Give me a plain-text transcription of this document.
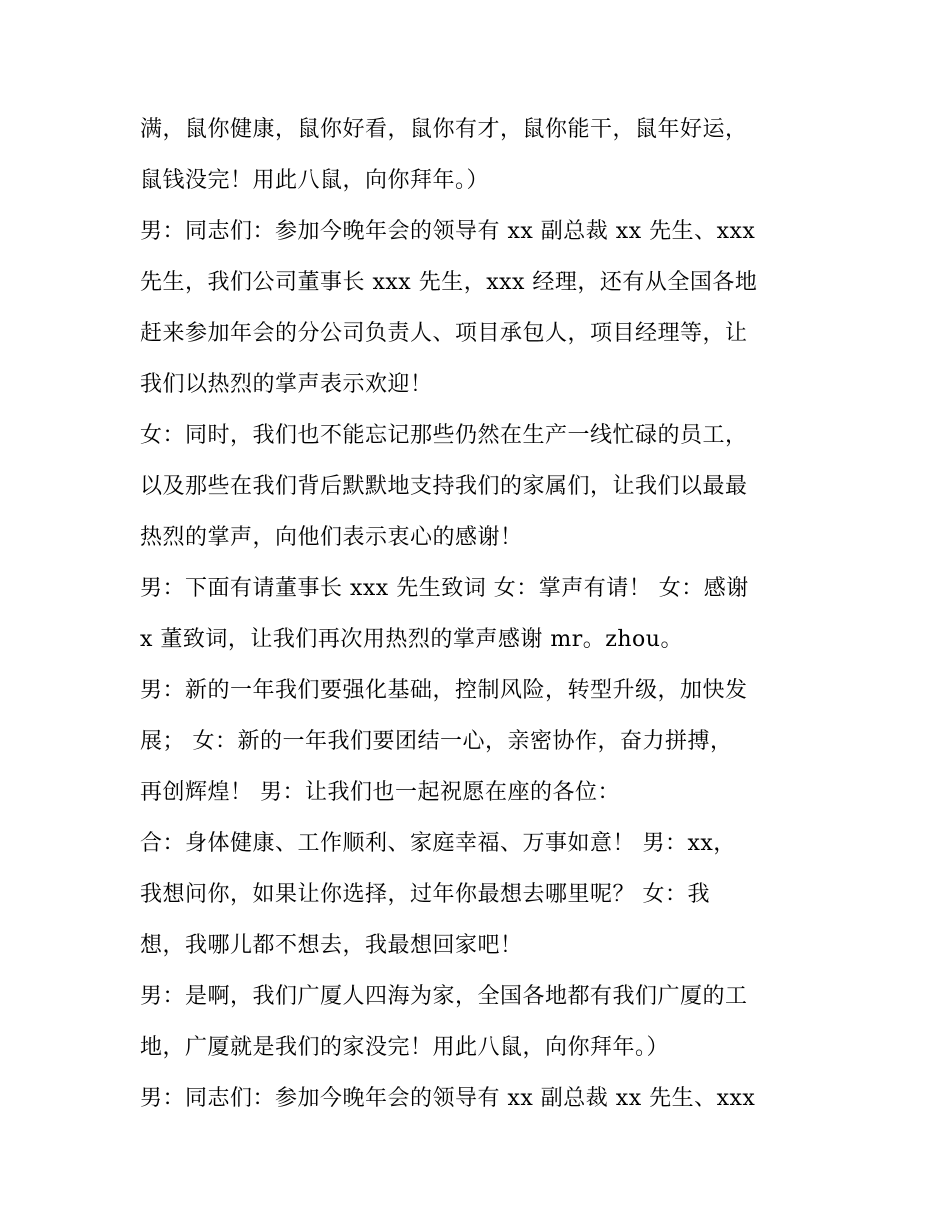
满，鼠你健康，鼠你好看，鼠你有才，鼠你能干，鼠年好运，

鼠钱没完！用此八鼠，向你拜年。）

男：同志们：参加今晚年会的领导有 xx 副总裁 xx 先生、xxx

先生，我们公司董事长 xxx 先生，xxx 经理，还有从全国各地

赶来参加年会的分公司负责人、项目承包人，项目经理等，让

我们以热烈的掌声表示欢迎！

女：同时，我们也不能忘记那些仍然在生产一线忙碌的员工，

以及那些在我们背后默默地支持我们的家属们，让我们以最最

热烈的掌声，向他们表示衷心的感谢！

男：下面有请董事长 xxx 先生致词 女：掌声有请！ 女：感谢

x 董致词，让我们再次用热烈的掌声感谢 mr。zhou。

男：新的一年我们要强化基础，控制风险，转型升级，加快发

展； 女：新的一年我们要团结一心，亲密协作，奋力拼搏，

再创辉煌！ 男：让我们也一起祝愿在座的各位：

合：身体健康、工作顺利、家庭幸福、万事如意！ 男：xx，

我想问你，如果让你选择，过年你最想去哪里呢？ 女：我

想，我哪儿都不想去，我最想回家吧！

男：是啊，我们广厦人四海为家，全国各地都有我们广厦的工

地，广厦就是我们的家没完！用此八鼠，向你拜年。）

男：同志们：参加今晚年会的领导有 xx 副总裁 xx 先生、xxx
